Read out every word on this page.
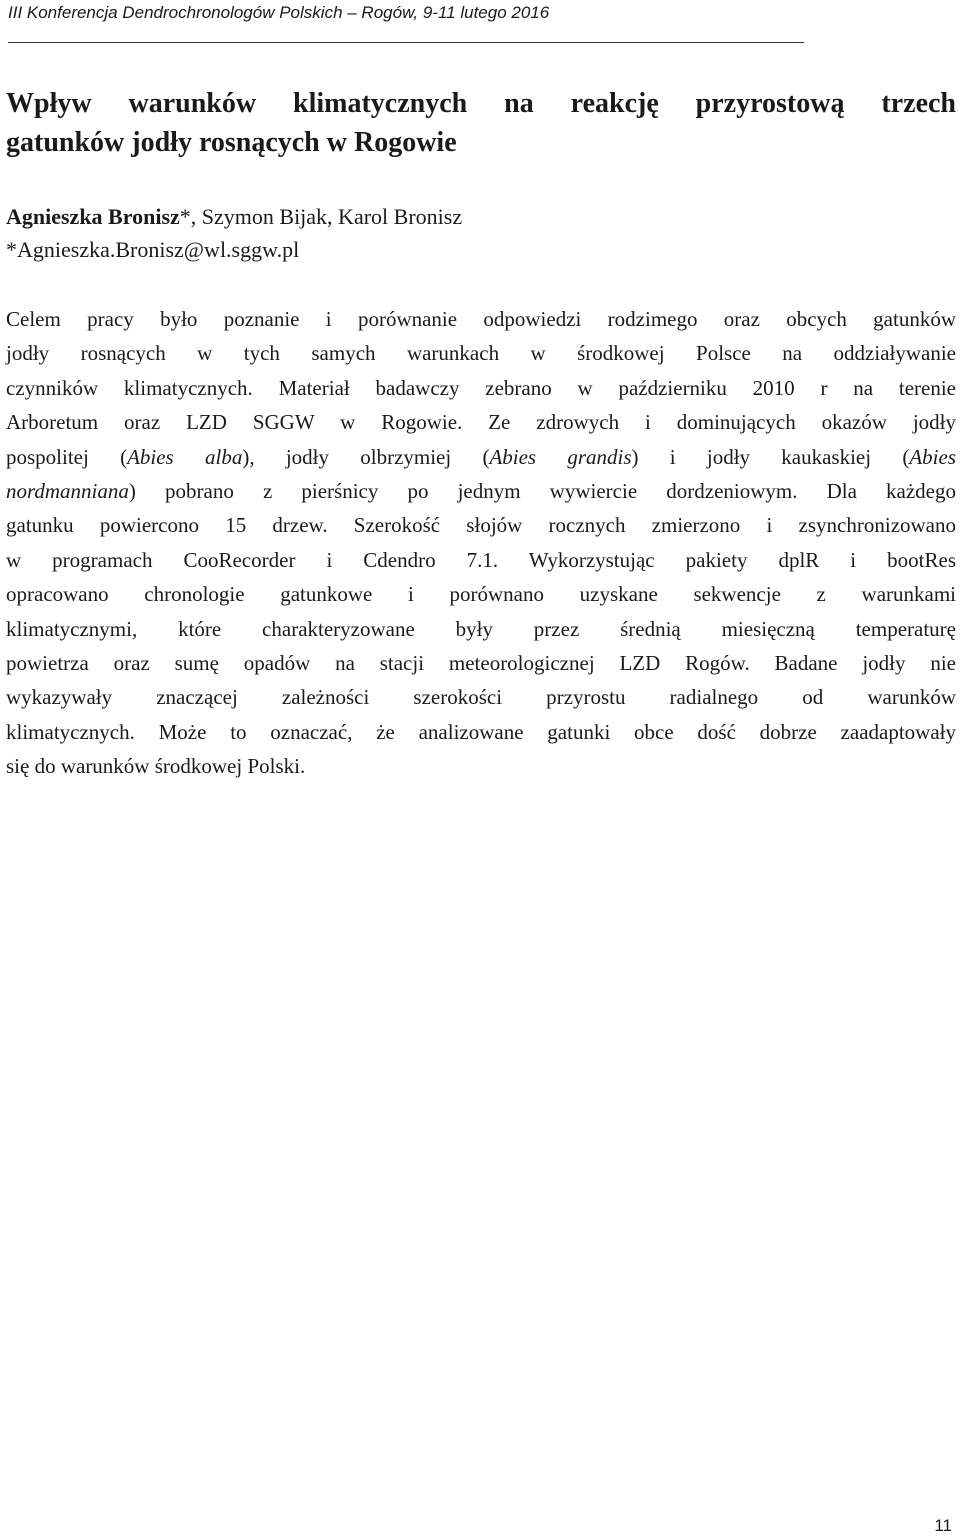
III Konferencja Dendrochronologów Polskich – Rogów, 9-11 lutego 2016
Wpływ warunków klimatycznych na reakcję przyrostową trzech
gatunków jodły rosnących w Rogowie
Agnieszka Bronisz*, Szymon Bijak, Karol Bronisz
*Agnieszka.Bronisz@wl.sggw.pl
Celem pracy było poznanie i porównanie odpowiedzi rodzimego oraz obcych gatunków
jodły rosnących w tych samych warunkach w środkowej Polsce na oddziaływanie
czynników klimatycznych. Materiał badawczy zebrano w październiku 2010 r na terenie
Arboretum oraz LZD SGGW w Rogowie. Ze zdrowych i dominujących okazów jodły
pospolitej (Abies alba), jodły olbrzymiej (Abies grandis) i jodły kaukaskiej (Abies
nordmanniana) pobrano z pierśnicy po jednym wywiercie dordzeniowym. Dla każdego
gatunku powiercono 15 drzew. Szerokość słojów rocznych zmierzono i zsynchronizowano
w programach CooRecorder i Cdendro 7.1. Wykorzystując pakiety dplR i bootRes
opracowano chronologie gatunkowe i porównano uzyskane sekwencje z warunkami
klimatycznymi, które charakteryzowane były przez średnią miesięczną temperaturę
powietrza oraz sumę opadów na stacji meteorologicznej LZD Rogów. Badane jodły nie
wykazywały znaczącej zależności szerokości przyrostu radialnego od warunków
klimatycznych. Może to oznaczać, że analizowane gatunki obce dość dobrze zaadaptowały
się do warunków środkowej Polski.
11
